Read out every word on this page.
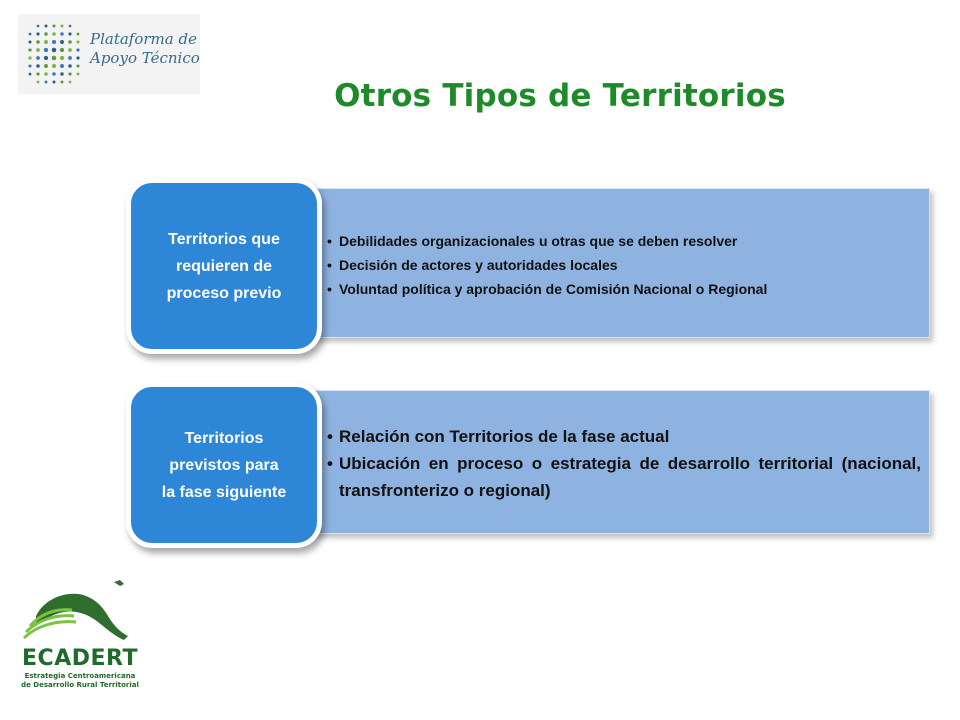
Plataforma de
Apoyo Técnico
Otros Tipos de Territorios
• Debilidades organizacionales u otras que se deben resolver
• Decisión de actores y autoridades locales
• Voluntad política y aprobación de Comisión Nacional o Regional
Territorios que
requieren de
proceso previo
• Relación con Territorios de la fase actual
• Ubicación en proceso o estrategia de desarrollo territorial (nacional, transfronterizo o regional)
Territorios
previstos para
la fase siguiente
ECADERT
Estrategia Centroamericana
de Desarrollo Rural Territorial
